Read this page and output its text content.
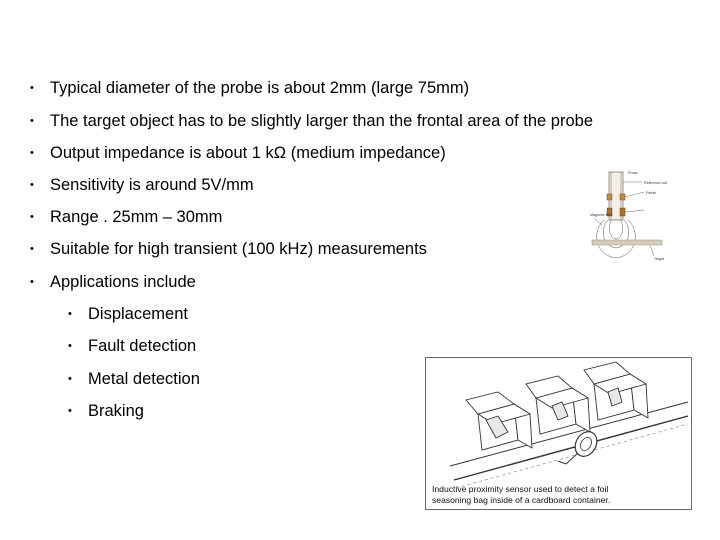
• Typical diameter of the probe is about 2mm (large 75mm)
• The target object has to be slightly larger than the frontal area of the probe
• Output impedance is about 1 kΩ (medium impedance)
• Sensitivity is around 5V/mm
• Range . 25mm – 30mm
• Suitable for high transient (100 kHz) measurements
• Applications include
• Displacement
• Fault detection
• Metal detection
• Braking
Probe
Reference coil
Ferrite
Magnetic field
Target
Inductive proximity sensor used to detect a foil
seasoning bag inside of a cardboard container.
